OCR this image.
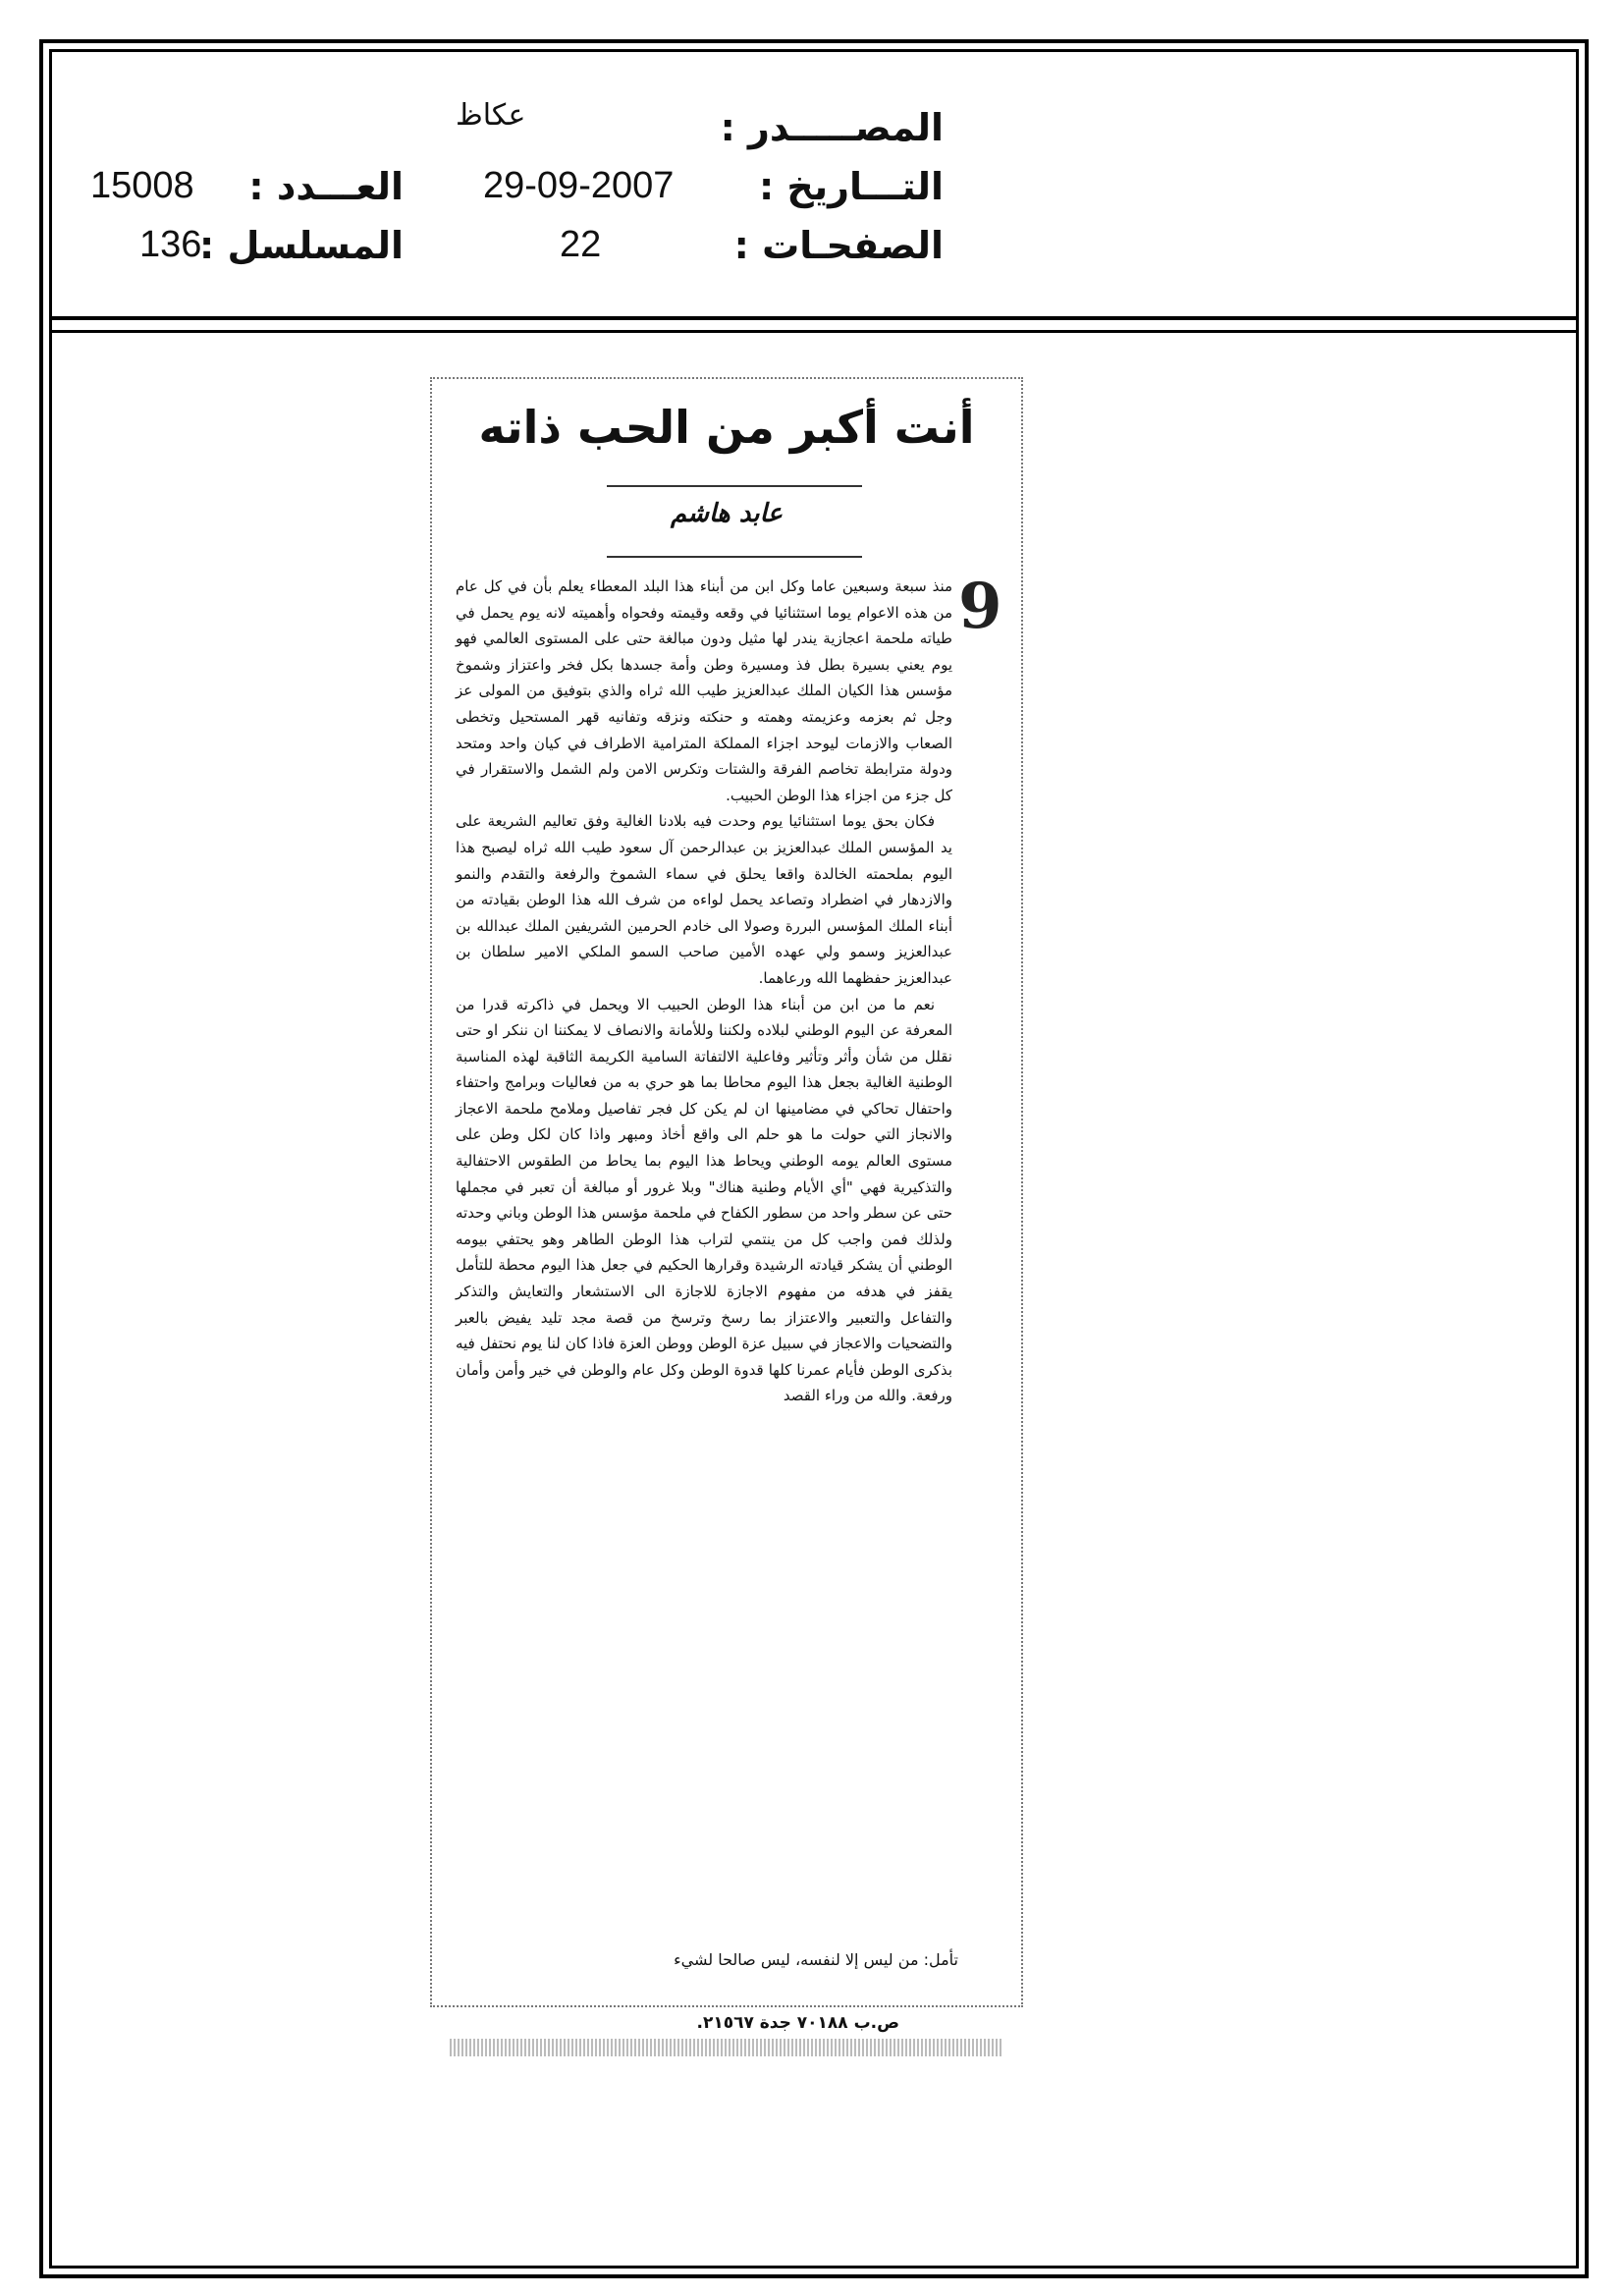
المصـــــدر :
عكاظ
التـــاريخ :
29-09-2007
الصفحـات :
22
العـــدد :
15008
المسلسل :
136
أنت أكبر من الحب ذاته
عابد هاشم
9

منذ سبعة وسبعين عاما وكل ابن من أبناء هذا البلد المعطاء يعلم بأن في كل عام من هذه الاعوام يوما استثنائيا في وقعه وقيمته وفحواه وأهميته لانه يوم يحمل في طياته ملحمة اعجازية يندر لها مثيل ودون مبالغة حتى على المستوى العالمي فهو يوم يعني بسيرة بطل فذ ومسيرة وطن وأمة جسدها بكل فخر واعتزاز وشموخ مؤسس هذا الكيان الملك عبدالعزيز طيب الله ثراه والذي بتوفيق من المولى عز وجل ثم بعزمه وعزيمته وهمته و حنكته ونزقه وتفانيه قهر المستحيل وتخطى الصعاب والازمات ليوحد اجزاء المملكة المترامية الاطراف في كيان واحد ومتحد ودولة مترابطة تخاصم الفرقة والشتات وتكرس الامن ولم الشمل والاستقرار في كل جزء من اجزاء هذا الوطن الحبيب.

فكان بحق يوما استثنائيا يوم وحدت فيه بلادنا الغالية وفق تعاليم الشريعة على يد المؤسس الملك عبدالعزيز بن عبدالرحمن آل سعود طيب الله ثراه ليصبح هذا اليوم بملحمته الخالدة واقعا يحلق في سماء الشموخ والرفعة والتقدم والنمو والازدهار في اضطراد وتصاعد يحمل لواءه من شرف الله هذا الوطن بقيادته من أبناء الملك المؤسس البررة وصولا الى خادم الحرمين الشريفين الملك عبدالله بن عبدالعزيز وسمو ولي عهده الأمين صاحب السمو الملكي الامير سلطان بن عبدالعزيز حفظهما الله ورعاهما.

نعم ما من ابن من أبناء هذا الوطن الحبيب الا ويحمل في ذاكرته قدرا من المعرفة عن اليوم الوطني لبلاده ولكننا وللأمانة والانصاف لا يمكننا ان ننكر او حتى نقلل من شأن وأثر وتأثير وفاعلية الالتفاتة السامية الكريمة الثاقبة لهذه المناسبة الوطنية الغالية بجعل هذا اليوم محاطا بما هو حري به من فعاليات وبرامج واحتفاء واحتفال تحاكي في مضامينها ان لم يكن كل فجر تفاصيل وملامح ملحمة الاعجاز والانجاز التي حولت ما هو حلم الى واقع أخاذ ومبهر واذا كان لكل وطن على مستوى العالم يومه الوطني ويحاط هذا اليوم بما يحاط من الطقوس الاحتفالية والتذكيرية فهي "أي الأيام وطنية هناك" وبلا غرور أو مبالغة أن تعبر في مجملها حتى عن سطر واحد من سطور الكفاح في ملحمة مؤسس هذا الوطن وباني وحدته ولذلك فمن واجب كل من ينتمي لتراب هذا الوطن الطاهر وهو يحتفي بيومه الوطني أن يشكر قيادته الرشيدة وقرارها الحكيم في جعل هذا اليوم محطة للتأمل يقفز في هدفه من مفهوم الاجازة للاجازة الى الاستشعار والتعايش والتذكر والتفاعل والتعبير والاعتزاز بما رسخ وترسخ من قصة مجد تليد يفيض بالعبر والتضحيات والاعجاز في سبيل عزة الوطن ووطن العزة فاذا كان لنا يوم نحتفل فيه بذكرى الوطن فأيام عمرنا كلها قدوة الوطن وكل عام والوطن في خير وأمن وأمان ورفعة. والله من وراء القصد

تأمل: من ليس إلا لنفسه، ليس صالحا لشيء
ص.ب ٧٠١٨٨ جدة ٢١٥٦٧.
